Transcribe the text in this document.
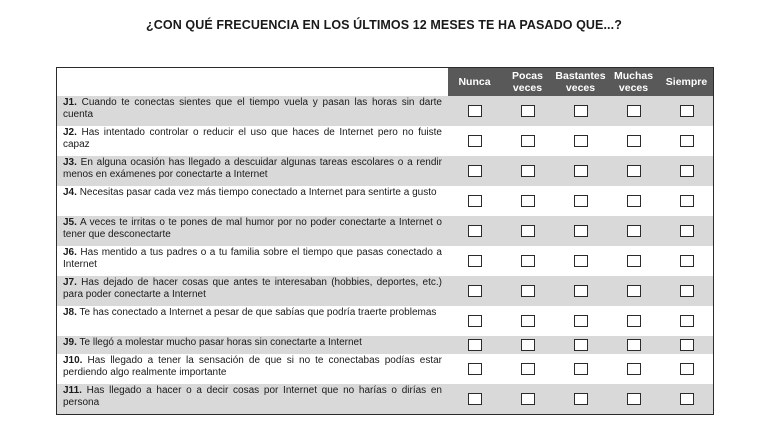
¿CON QUÉ FRECUENCIA EN LOS ÚLTIMOS 12 MESES TE HA PASADO QUE...?
	Nunca	Pocas veces	Bastantes veces	Muchas veces	Siempre
J1. Cuando te conectas sientes que el tiempo vuela y pasan las horas sin darte cuenta					
J2. Has intentado controlar o reducir el uso que haces de Internet pero no fuiste capaz					
J3. En alguna ocasión has llegado a descuidar algunas tareas escolares o a rendir menos en exámenes por conectarte a Internet					
J4. Necesitas pasar cada vez más tiempo conectado a Internet para sentirte a gusto					
J5. A veces te irritas o te pones de mal humor por no poder conectarte a Internet o tener que desconectarte					
J6. Has mentido a tus padres o a tu familia sobre el tiempo que pasas conectado a Internet					
J7. Has dejado de hacer cosas que antes te interesaban (hobbies, deportes, etc.) para poder conectarte a Internet					
J8. Te has conectado a Internet a pesar de que sabías que podría traerte problemas					
J9. Te llegó a molestar mucho pasar horas sin conectarte a Internet					
J10. Has llegado a tener la sensación de que si no te conectabas podías estar perdiendo algo realmente importante					
J11. Has llegado a hacer o a decir cosas por Internet que no harías o dirías en persona					
